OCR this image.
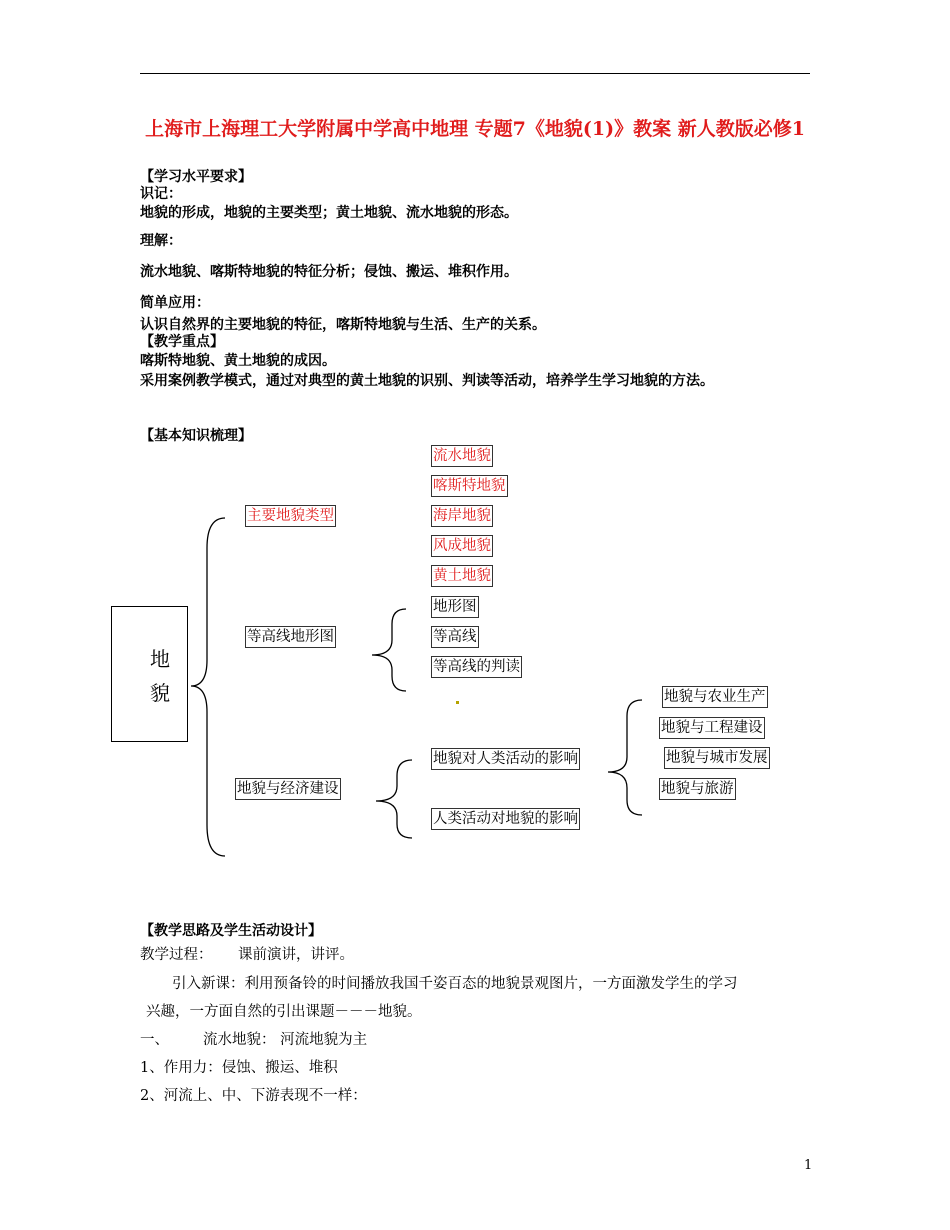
上海市上海理工大学附属中学高中地理 专题7《地貌(1)》教案 新人教版必修1
【学习水平要求】
识记：
地貌的形成，地貌的主要类型；黄土地貌、流水地貌的形态。
理解：
流水地貌、喀斯特地貌的特征分析；侵蚀、搬运、堆积作用。
简单应用：
认识自然界的主要地貌的特征，喀斯特地貌与生活、生产的关系。
【教学重点】
喀斯特地貌、黄土地貌的成因。
采用案例教学模式，通过对典型的黄土地貌的识别、判读等活动，培养学生学习地貌的方法。
【基本知识梳理】
地
貌
主要地貌类型
流水地貌
喀斯特地貌
海岸地貌
风成地貌
黄土地貌
等高线地形图
地形图
等高线
等高线的判读
地貌与经济建设
地貌对人类活动的影响
人类活动对地貌的影响
地貌与农业生产
地貌与工程建设
地貌与城市发展
地貌与旅游
【教学思路及学生活动设计】
教学过程： 课前演讲，讲评。
引入新课：利用预备铃的时间播放我国千姿百态的地貌景观图片，一方面激发学生的学习
兴趣，一方面自然的引出课题－－－地貌。
一、 流水地貌： 河流地貌为主
1、作用力：侵蚀、搬运、堆积
2、河流上、中、下游表现不一样：
1
